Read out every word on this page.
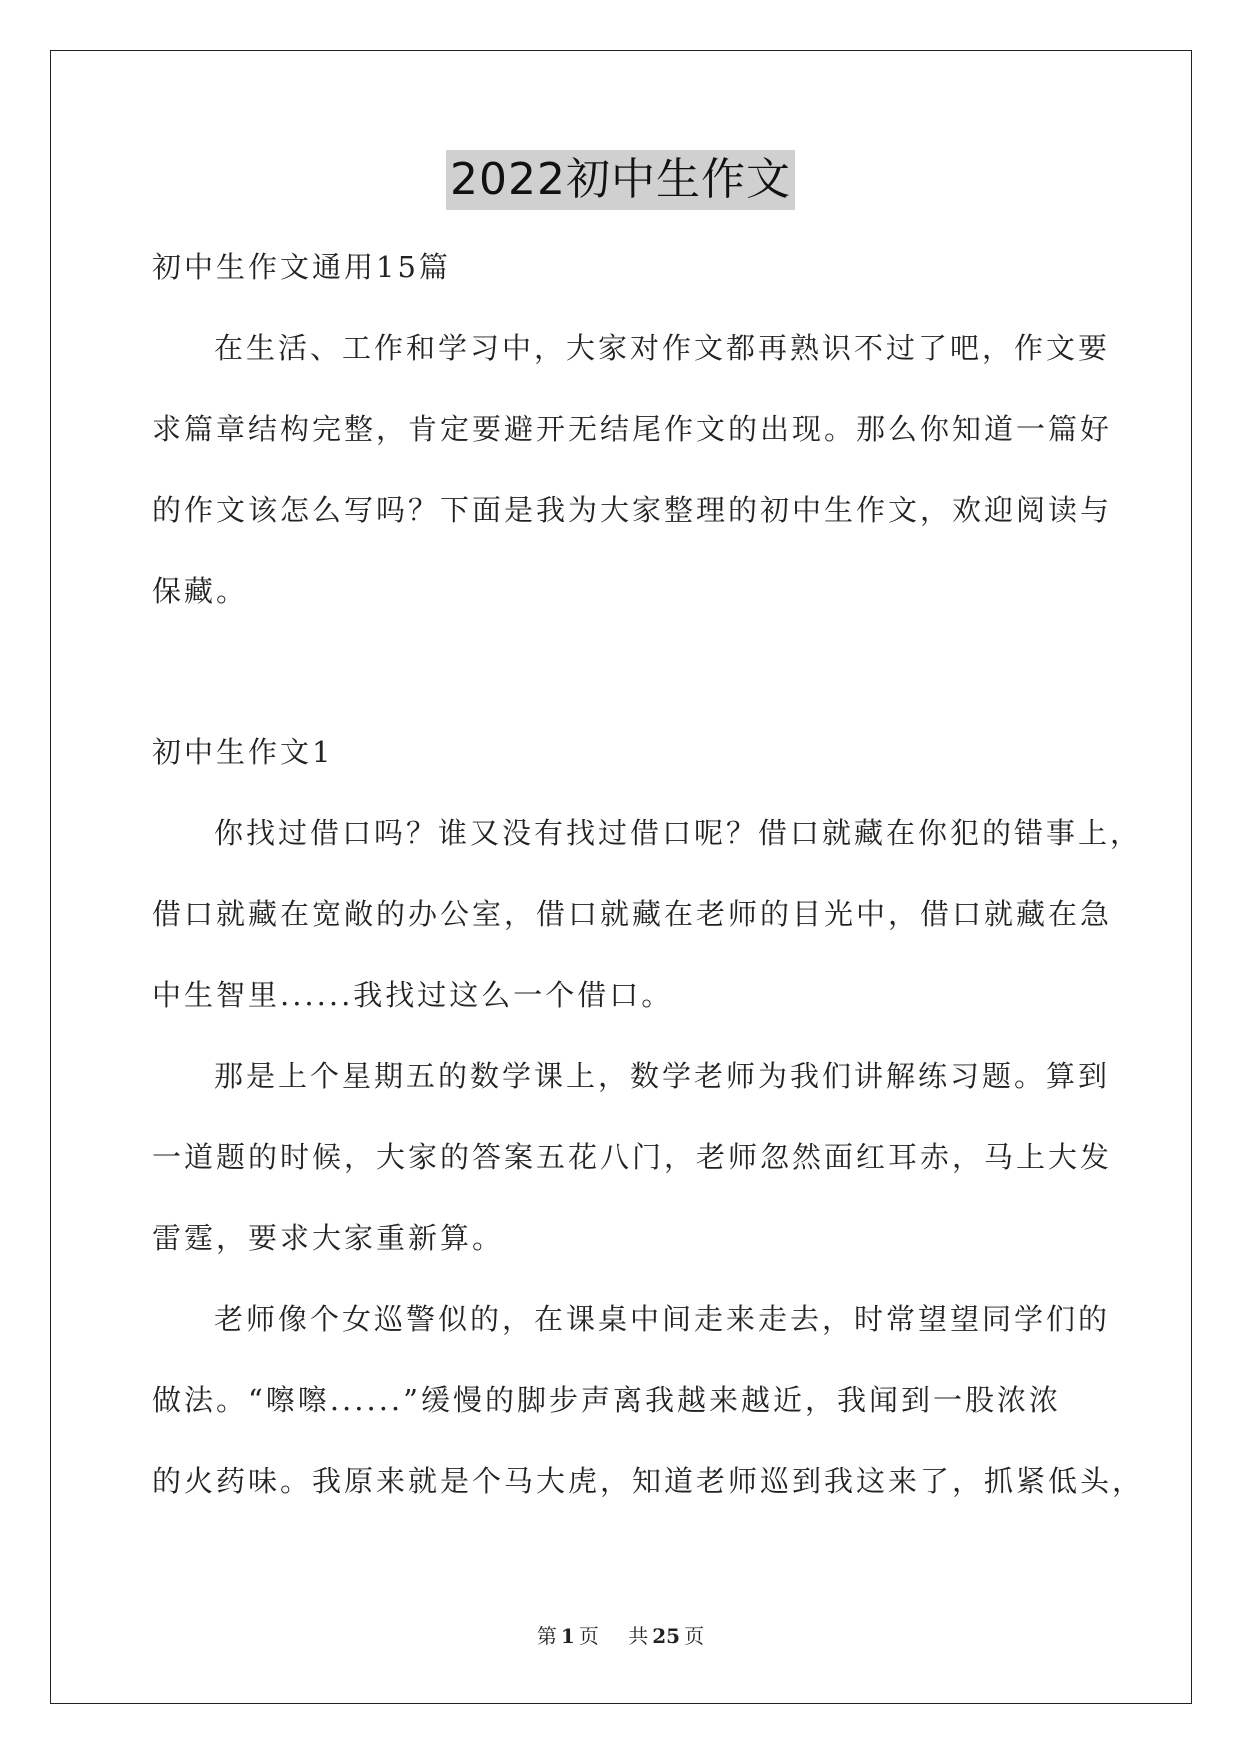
2022初中生作文
初中生作文通用15篇
在生活、工作和学习中，大家对作文都再熟识不过了吧，作文要
求篇章结构完整，肯定要避开无结尾作文的出现。那么你知道一篇好
的作文该怎么写吗？下面是我为大家整理的初中生作文，欢迎阅读与
保藏。
初中生作文1
你找过借口吗？谁又没有找过借口呢？借口就藏在你犯的错事上，
借口就藏在宽敞的办公室，借口就藏在老师的目光中，借口就藏在急
中生智里......我找过这么一个借口。
那是上个星期五的数学课上，数学老师为我们讲解练习题。算到
一道题的时候，大家的答案五花八门，老师忽然面红耳赤，马上大发
雷霆，要求大家重新算。
老师像个女巡警似的，在课桌中间走来走去，时常望望同学们的
做法。“嚓嚓......”缓慢的脚步声离我越来越近，我闻到一股浓浓
的火药味。我原来就是个马大虎，知道老师巡到我这来了，抓紧低头，
第 1 页 共 25 页
